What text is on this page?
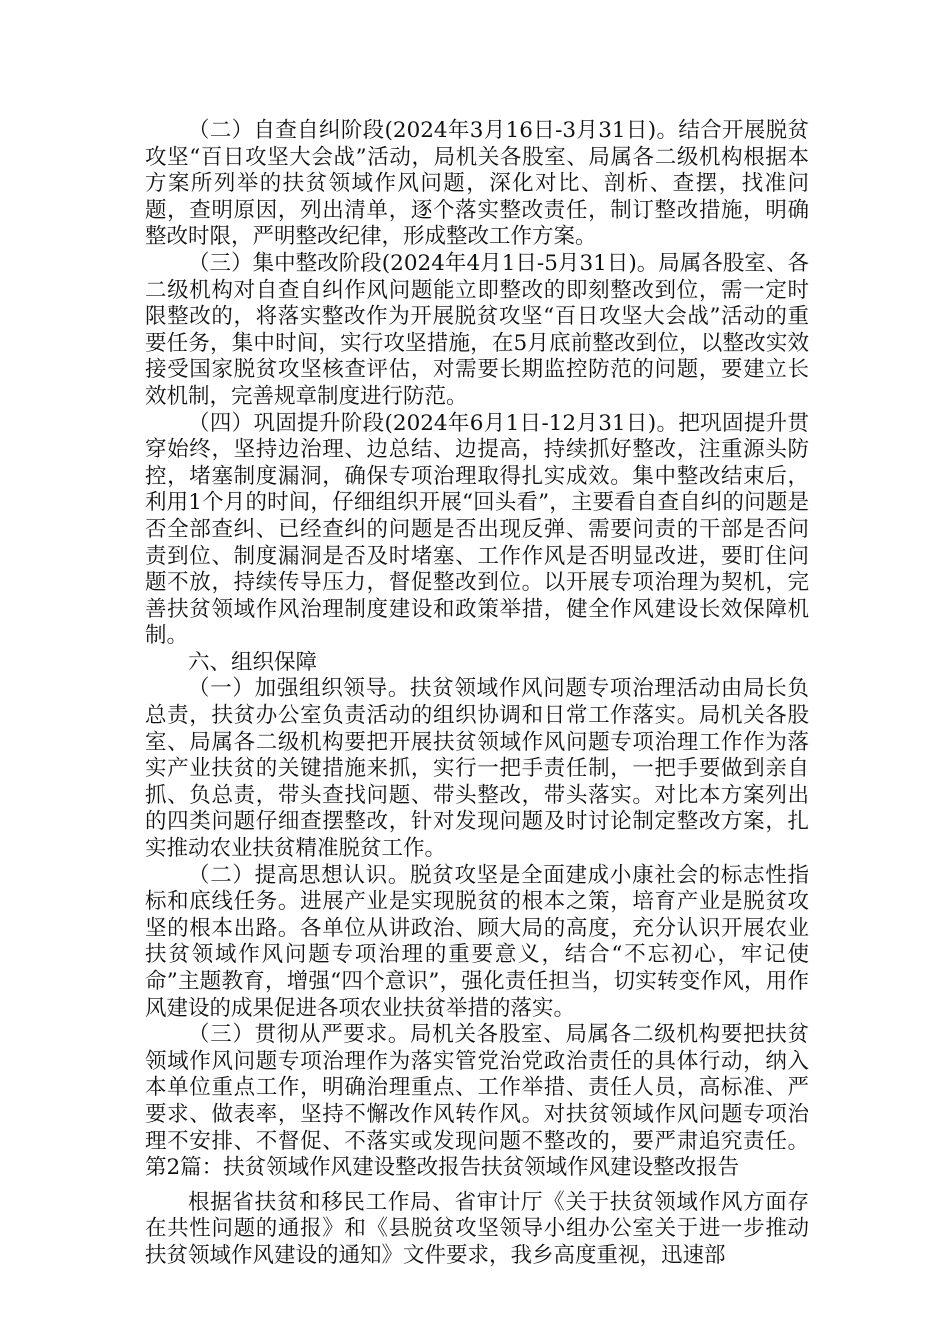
（二）自查自纠阶段(2024年3月16日-3月31日)。结合开展脱贫攻坚“百日攻坚大会战”活动，局机关各股室、局属各二级机构根据本方案所列举的扶贫领域作风问题，深化对比、剖析、查摆，找准问题，查明原因，列出清单，逐个落实整改责任，制订整改措施，明确整改时限，严明整改纪律，形成整改工作方案。

（三）集中整改阶段(2024年4月1日-5月31日)。局属各股室、各二级机构对自查自纠作风问题能立即整改的即刻整改到位，需一定时限整改的，将落实整改作为开展脱贫攻坚“百日攻坚大会战”活动的重要任务，集中时间，实行攻坚措施，在5月底前整改到位，以整改实效接受国家脱贫攻坚核查评估，对需要长期监控防范的问题，要建立长效机制，完善规章制度进行防范。

（四）巩固提升阶段(2024年6月1日-12月31日)。把巩固提升贯穿始终，坚持边治理、边总结、边提高，持续抓好整改，注重源头防控，堵塞制度漏洞，确保专项治理取得扎实成效。集中整改结束后，利用1个月的时间，仔细组织开展“回头看”，主要看自查自纠的问题是否全部查纠、已经查纠的问题是否出现反弹、需要问责的干部是否问责到位、制度漏洞是否及时堵塞、工作作风是否明显改进，要盯住问题不放，持续传导压力，督促整改到位。以开展专项治理为契机，完善扶贫领域作风治理制度建设和政策举措，健全作风建设长效保障机制。

六、组织保障

（一）加强组织领导。扶贫领域作风问题专项治理活动由局长负总责，扶贫办公室负责活动的组织协调和日常工作落实。局机关各股室、局属各二级机构要把开展扶贫领域作风问题专项治理工作作为落实产业扶贫的关键措施来抓，实行一把手责任制，一把手要做到亲自抓、负总责，带头查找问题、带头整改，带头落实。对比本方案列出的四类问题仔细查摆整改，针对发现问题及时讨论制定整改方案，扎实推动农业扶贫精准脱贫工作。

（二）提高思想认识。脱贫攻坚是全面建成小康社会的标志性指标和底线任务。进展产业是实现脱贫的根本之策，培育产业是脱贫攻坚的根本出路。各单位从讲政治、顾大局的高度，充分认识开展农业扶贫领域作风问题专项治理的重要意义，结合“不忘初心，牢记使命”主题教育，增强“四个意识”，强化责任担当，切实转变作风，用作风建设的成果促进各项农业扶贫举措的落实。

（三）贯彻从严要求。局机关各股室、局属各二级机构要把扶贫领域作风问题专项治理作为落实管党治党政治责任的具体行动，纳入本单位重点工作，明确治理重点、工作举措、责任人员，高标准、严要求、做表率，坚持不懈改作风转作风。对扶贫领域作风问题专项治理不安排、不督促、不落实或发现问题不整改的，要严肃追究责任。第2篇：扶贫领域作风建设整改报告扶贫领域作风建设整改报告

根据省扶贫和移民工作局、省审计厅《关于扶贫领域作风方面存在共性问题的通报》和《县脱贫攻坚领导小组办公室关于进一步推动扶贫领域作风建设的通知》文件要求，我乡高度重视，迅速部
